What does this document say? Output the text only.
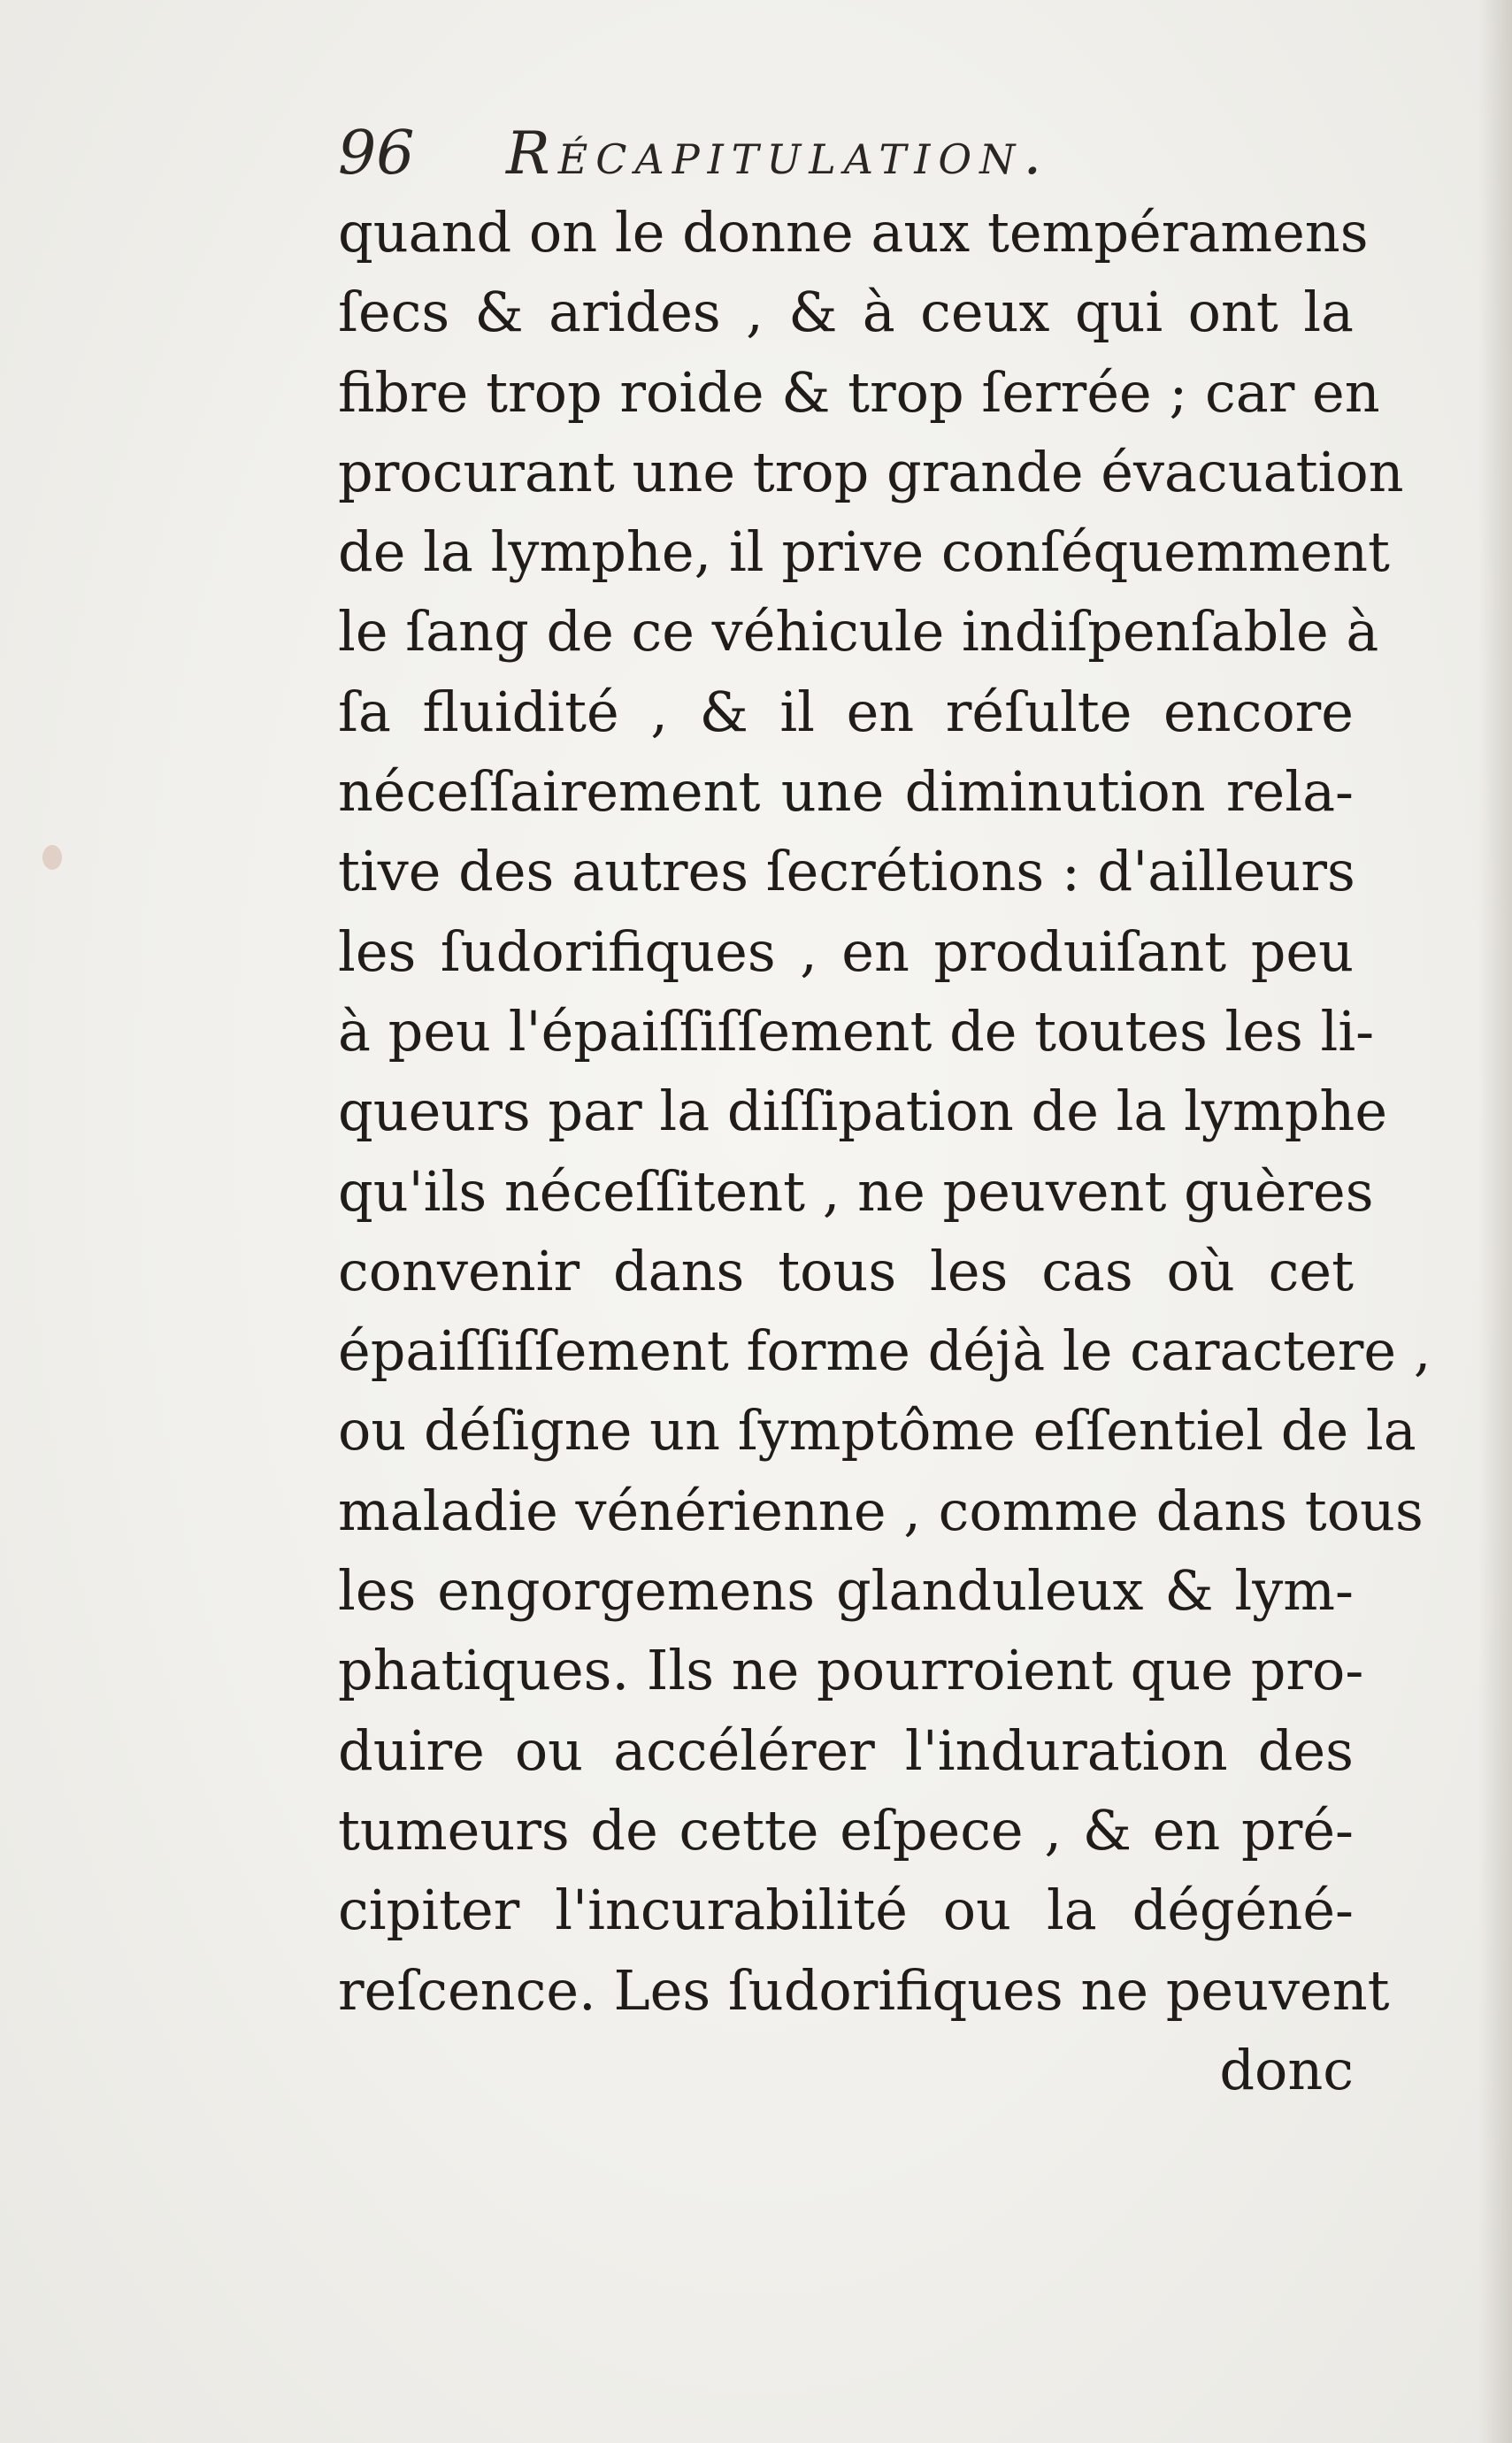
96 Récapitulation.
quand on le donne aux tempéramens
ſecs & arides , & à ceux qui ont la
fibre trop roide & trop ſerrée ; car en
procurant une trop grande évacuation
de la lymphe, il prive conſéquemment
le ſang de ce véhicule indiſpenſable à
ſa fluidité , & il en réſulte encore
néceſſairement une diminution rela-
tive des autres ſecrétions : d'ailleurs
les ſudorifiques , en produiſant peu
à peu l'épaiſſiſſement de toutes les li-
queurs par la diſſipation de la lymphe
qu'ils néceſſitent , ne peuvent guères
convenir dans tous les cas où cet
épaiſſiſſement forme déjà le caractere ,
ou déſigne un ſymptôme eſſentiel de la
maladie vénérienne , comme dans tous
les engorgemens glanduleux & lym-
phatiques. Ils ne pourroient que pro-
duire ou accélérer l'induration des
tumeurs de cette eſpece , & en pré-
cipiter l'incurabilité ou la dégéné-
reſcence. Les ſudorifiques ne peuvent
donc
